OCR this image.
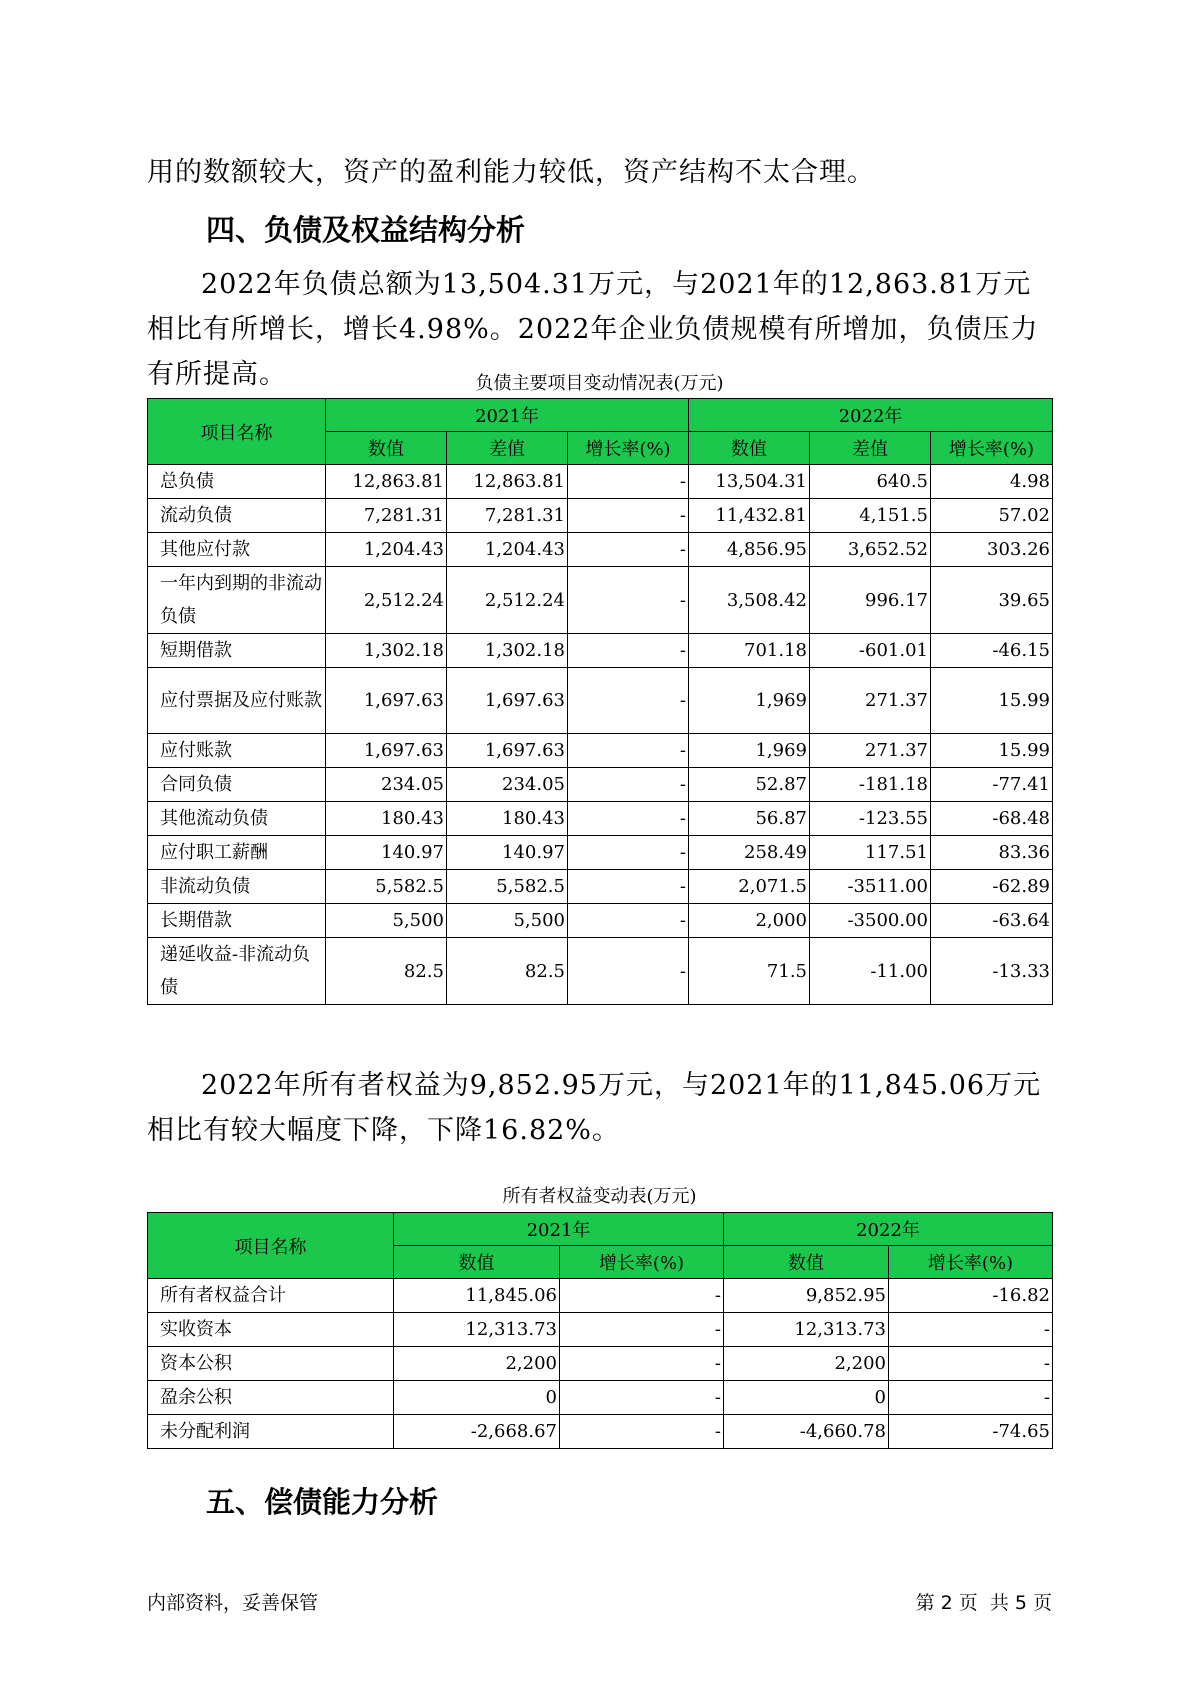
用的数额较大，资产的盈利能力较低，资产结构不太合理。

四、负债及权益结构分析

2022年负债总额为13,504.31万元，与2021年的12,863.81万元相比有所增长，增长4.98%。2022年企业负债规模有所增加，负债压力有所提高。	负债主要项目变动情况表(万元)
项目名称	2021年			2022年		
	数值	差值	增长率(%)	数值	差值	增长率(%)
总负债	12,863.81	12,863.81	-	13,504.31	640.5	4.98
流动负债	7,281.31	7,281.31	-	11,432.81	4,151.5	57.02
其他应付款	1,204.43	1,204.43	-	4,856.95	3,652.52	303.26
一年内到期的非流动负债	2,512.24	2,512.24	-	3,508.42	996.17	39.65
短期借款	1,302.18	1,302.18	-	701.18	-601.01	-46.15
应付票据及应付账款	1,697.63	1,697.63	-	1,969	271.37	15.99
应付账款	1,697.63	1,697.63	-	1,969	271.37	15.99
合同负债	234.05	234.05	-	52.87	-181.18	-77.41
其他流动负债	180.43	180.43	-	56.87	-123.55	-68.48
应付职工薪酬	140.97	140.97	-	258.49	117.51	83.36
非流动负债	5,582.5	5,582.5	-	2,071.5	-3511.00	-62.89
长期借款	5,500	5,500	-	2,000	-3500.00	-63.64
递延收益-非流动负债	82.5	82.5	-	71.5	-11.00	-13.33

2022年所有者权益为9,852.95万元，与2021年的11,845.06万元相比有较大幅度下降，下降16.82%。

所有者权益变动表(万元)
项目名称	2021年		2022年	
	数值	增长率(%)	数值	增长率(%)
所有者权益合计	11,845.06	-	9,852.95	-16.82
实收资本	12,313.73	-	12,313.73	-
资本公积	2,200	-	2,200	-
盈余公积	0	-	0	-
未分配利润	-2,668.67	-	-4,660.78	-74.65
五、偿债能力分析
内部资料，妥善保管	第 2 页  共 5 页
